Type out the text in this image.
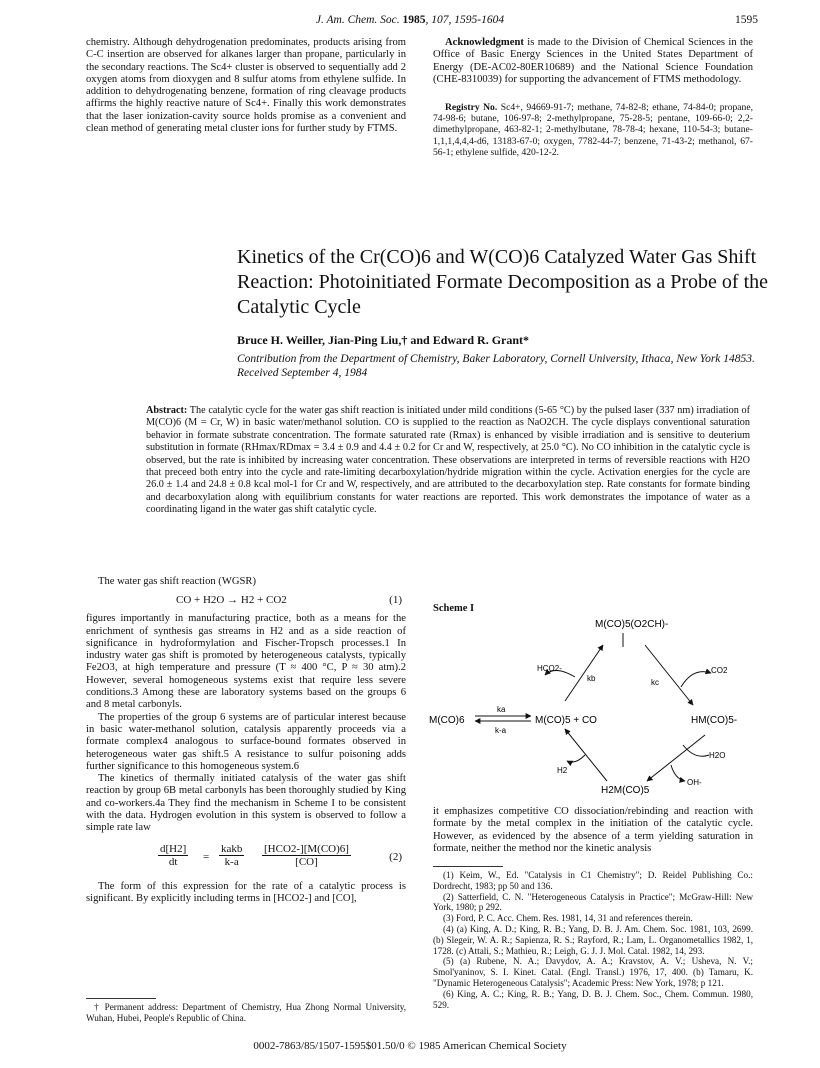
J. Am. Chem. Soc. 1985, 107, 1595-1604	1595

chemistry. Although dehydrogenation predominates, products arising from C-C insertion are observed for alkanes larger than propane, particularly in the secondary reactions. The Sc4+ cluster is observed to sequentially add 2 oxygen atoms from dioxygen and 8 sulfur atoms from ethylene sulfide. In addition to dehydrogenating benzene, formation of ring cleavage products affirms the highly reactive nature of Sc4+. Finally this work demonstrates that the laser ionization-cavity source holds promise as a convenient and clean method of generating metal cluster ions for further study by FTMS.

Acknowledgment is made to the Division of Chemical Sciences in the Office of Basic Energy Sciences in the United States Department of Energy (DE-AC02-80ER10689) and the National Science Foundation (CHE-8310039) for supporting the advancement of FTMS methodology.

Registry No. Sc4+, 94669-91-7; methane, 74-82-8; ethane, 74-84-0; propane, 74-98-6; butane, 106-97-8; 2-methylpropane, 75-28-5; pentane, 109-66-0; 2,2-dimethylpropane, 463-82-1; 2-methylbutane, 78-78-4; hexane, 110-54-3; butane-1,1,1,4,4,4-d6, 13183-67-0; oxygen, 7782-44-7; benzene, 71-43-2; methanol, 67-56-1; ethylene sulfide, 420-12-2.

Kinetics of the Cr(CO)6 and W(CO)6 Catalyzed Water Gas Shift Reaction: Photoinitiated Formate Decomposition as a Probe of the Catalytic Cycle
Bruce H. Weiller, Jian-Ping Liu,† and Edward R. Grant*
Contribution from the Department of Chemistry, Baker Laboratory, Cornell University, Ithaca, New York 14853. Received September 4, 1984
Abstract: The catalytic cycle for the water gas shift reaction is initiated under mild conditions (5-65 °C) by the pulsed laser (337 nm) irradiation of M(CO)6 (M = Cr, W) in basic water/methanol solution. CO is supplied to the reaction as NaO2CH. The cycle displays conventional saturation behavior in formate substrate concentration. The formate saturated rate (Rmax) is enhanced by visible irradiation and is sensitive to deuterium substitution in formate (RHmax/RDmax = 3.4 ± 0.9 and 4.4 ± 0.2 for Cr and W, respectively, at 25.0 °C). No CO inhibition in the catalytic cycle is observed, but the rate is inhibited by increasing water concentration. These observations are interpreted in terms of reversible reactions with H2O that preceed both entry into the cycle and rate-limiting decarboxylation/hydride migration within the cycle. Activation energies for the cycle are 26.0 ± 1.4 and 24.8 ± 0.8 kcal mol-1 for Cr and W, respectively, and are attributed to the decarboxylation step. Rate constants for formate binding and decarboxylation along with equilibrium constants for water reactions are reported. This work demonstrates the impotance of water as a coordinating ligand in the water gas shift catalytic cycle.

The water gas shift reaction (WGSR)

CO + H2O → H2 + CO2	(1)

figures importantly in manufacturing practice, both as a means for the enrichment of synthesis gas streams in H2 and as a side reaction of significance in hydroformylation and Fischer-Tropsch processes.1 In industry water gas shift is promoted by heterogeneous catalysts, typically Fe2O3, at high temperature and pressure (T ≈ 400 °C, P ≈ 30 atm).2 However, several homogeneous systems exist that require less severe conditions.3 Among these are laboratory systems based on the groups 6 and 8 metal carbonyls.

The properties of the group 6 systems are of particular interest because in basic water-methanol solution, catalysis apparently proceeds via a formate complex4 analogous to surface-bound formates observed in heterogeneous water gas shift.5 A resistance to sulfur poisoning adds further significance to this homogeneous system.6

The kinetics of thermally initiated catalysis of the water gas shift reaction by group 6B metal carbonyls has been thoroughly studied by King and co-workers.4a They find the mechanism in Scheme I to be consistent with the data. Hydrogen evolution in this system is observed to follow a simple rate law

$\frac{d[H2]}{dt}$ =
kakb
k-a
[HCO2-][M(CO)6]
[CO]	(2)

The form of this expression for the rate of a catalytic process is significant. By explicitly including terms in [HCO2-] and [CO],

† Permanent address: Department of Chemistry, Hua Zhong Normal University, Wuhan, Hubei, People's Republic of China.

Scheme I
M(CO)5(O2CH)-
M(CO)6	M(CO)5 + CO	HM(CO)5-
H2M(CO)5
ka
k-a
HCO2-
kb	kc
CO2
H2O
OH-
H2

it emphasizes competitive CO dissociation/rebinding and reaction with formate by the metal complex in the initiation of the catalytic cycle. However, as evidenced by the absence of a term yielding saturation in formate, neither the method nor the kinetic analysis

(1) Keim, W., Ed. "Catalysis in C1 Chemistry"; D. Reidel Publishing Co.: Dordrecht, 1983; pp 50 and 136.

(2) Satterfield, C. N. "Heterogeneous Catalysis in Practice"; McGraw-Hill: New York, 1980; p 292.

(3) Ford, P. C. Acc. Chem. Res. 1981, 14, 31 and references therein.

(4) (a) King, A. D.; King, R. B.; Yang, D. B. J. Am. Chem. Soc. 1981, 103, 2699. (b) Slegeir, W. A. R.; Sapienza, R. S.; Rayford, R.; Lam, L. Organometallics 1982, 1, 1728. (c) Attali, S.; Mathieu, R.; Leigh, G. J. J. Mol. Catal. 1982, 14, 293.

(5) (a) Rubene, N. A.; Davydov, A. A.; Kravstov, A. V.; Usheva, N. V.; Smol'yaninov, S. I. Kinet. Catal. (Engl. Transl.) 1976, 17, 400. (b) Tamaru, K. "Dynamic Heterogeneous Catalysis"; Academic Press: New York, 1978; p 121.

(6) King, A. C.; King, R. B.; Yang, D. B. J. Chem. Soc., Chem. Commun. 1980, 529.

0002-7863/85/1507-1595$01.50/0 © 1985 American Chemical Society
